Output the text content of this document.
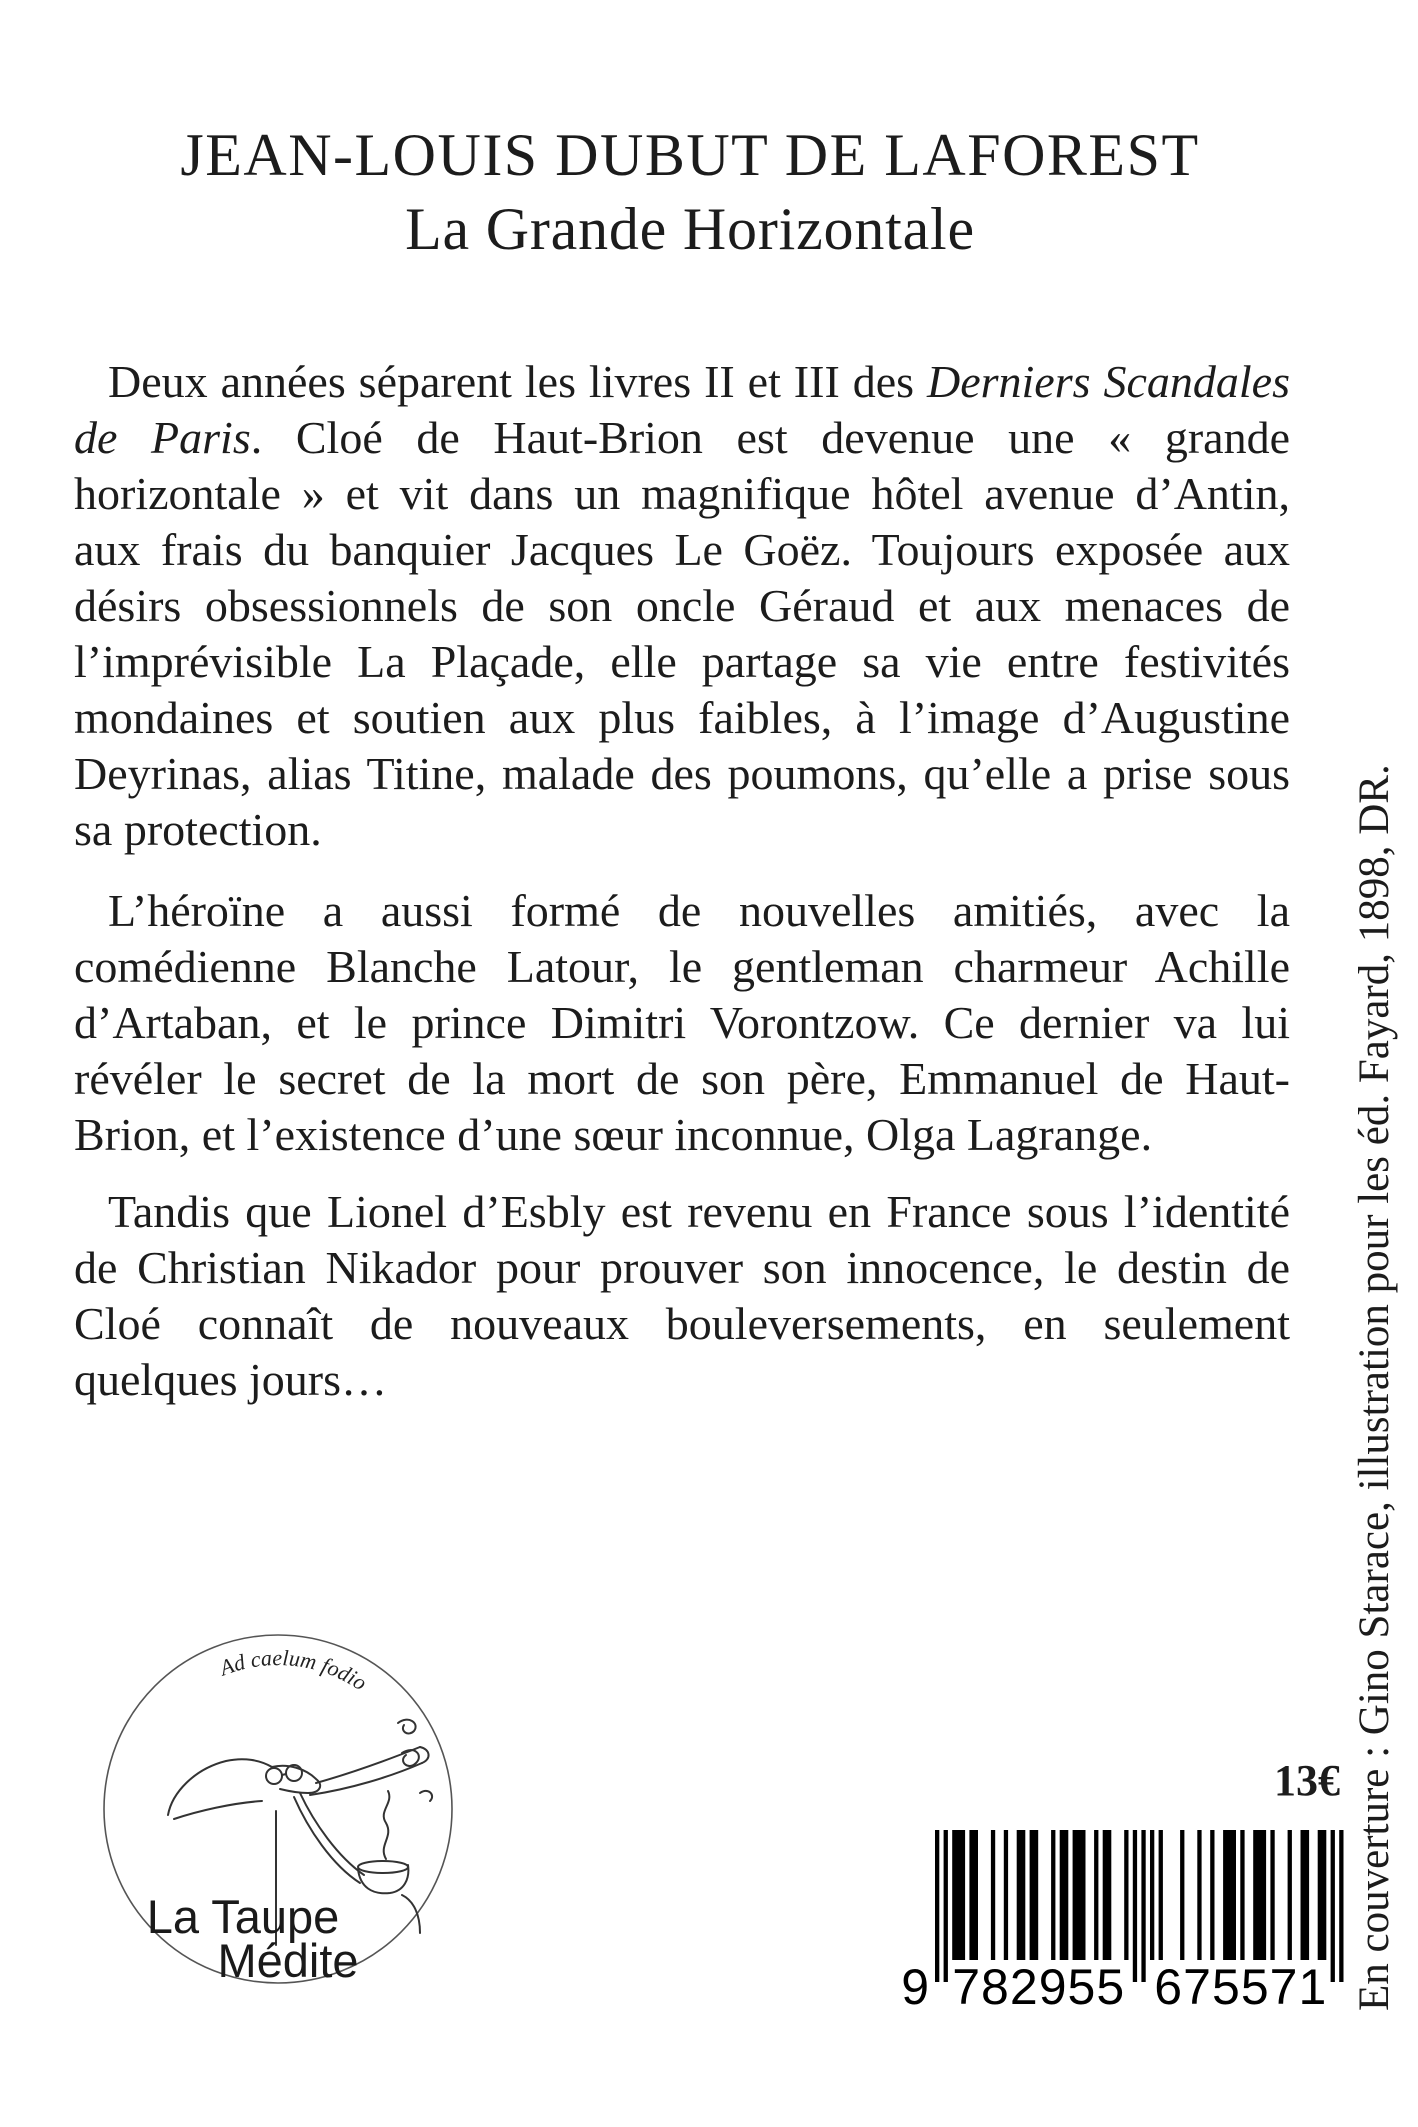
JEAN-LOUIS DUBUT DE LAFOREST
La Grande Horizontale
Deux années séparent les livres II et III des Derniers Scandales
de Paris. Cloé de Haut-Brion est devenue une « grande
horizontale » et vit dans un magnifique hôtel avenue d’Antin,
aux frais du banquier Jacques Le Goëz. Toujours exposée aux
désirs obsessionnels de son oncle Géraud et aux menaces de
l’imprévisible La Plaçade, elle partage sa vie entre festivités
mondaines et soutien aux plus faibles, à l’image d’Augustine
Deyrinas, alias Titine, malade des poumons, qu’elle a prise sous
sa protection.
L’héroïne a aussi formé de nouvelles amitiés, avec la
comédienne Blanche Latour, le gentleman charmeur Achille
d’Artaban, et le prince Dimitri Vorontzow. Ce dernier va lui
révéler le secret de la mort de son père, Emmanuel de Haut-
Brion, et l’existence d’une sœur inconnue, Olga Lagrange.
Tandis que Lionel d’Esbly est revenu en France sous l’identité
de Christian Nikador pour prouver son innocence, le destin de
Cloé connaît de nouveaux bouleversements, en seulement
quelques jours…
Ad caelum fodio
La Taupe
Médite
13€
9 782955 675571 En couverture : Gino Starace, illustration pour les éd. Fayard, 1898, DR.
